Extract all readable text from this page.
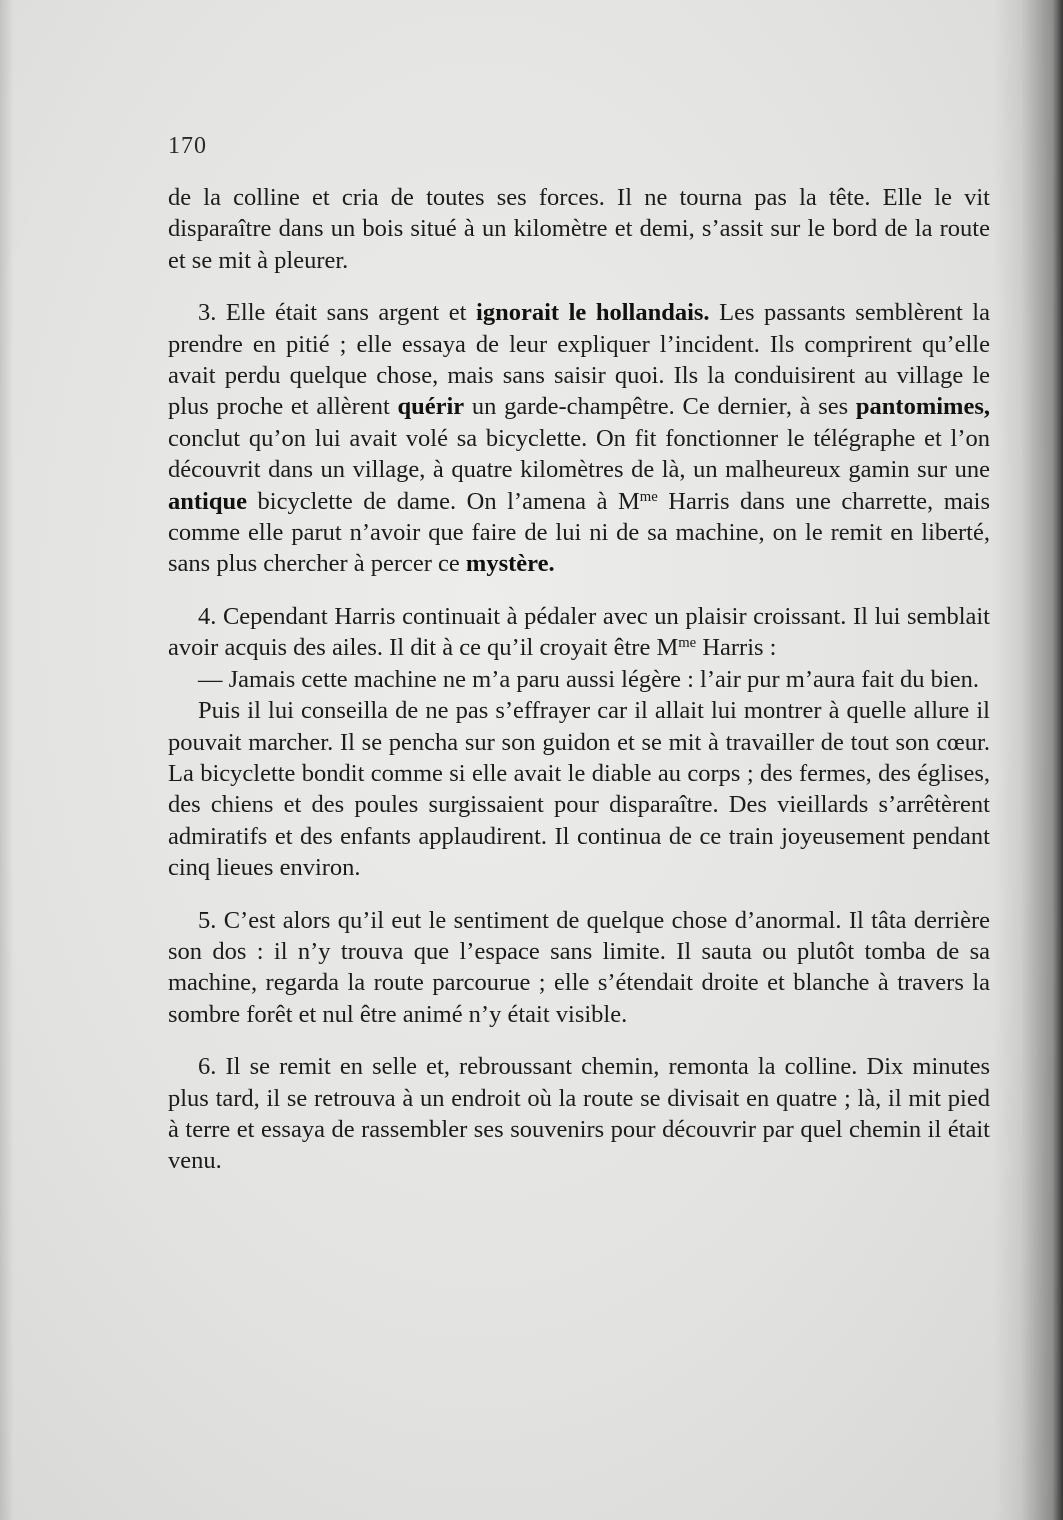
170

de la colline et cria de toutes ses forces. Il ne tourna pas la tête. Elle le vit disparaître dans un bois situé à un kilomètre et demi, s’assit sur le bord de la route et se mit à pleurer.

3. Elle était sans argent et ignorait le hollandais. Les passants semblèrent la prendre en pitié ; elle essaya de leur expliquer l’incident. Ils comprirent qu’elle avait perdu quelque chose, mais sans saisir quoi. Ils la conduisirent au village le plus proche et allèrent quérir un garde-champêtre. Ce dernier, à ses pantomimes, conclut qu’on lui avait volé sa bicyclette. On fit fonctionner le télégraphe et l’on découvrit dans un village, à quatre kilomètres de là, un malheureux gamin sur une antique bicyclette de dame. On l’amena à $M^{me}$ Harris dans une charrette, mais comme elle parut n’avoir que faire de lui ni de sa machine, on le remit en liberté, sans plus chercher à percer ce mystère.

4. Cependant Harris continuait à pédaler avec un plaisir croissant. Il lui semblait avoir acquis des ailes. Il dit à ce qu’il croyait être $M^{me}$ Harris :

— Jamais cette machine ne m’a paru aussi légère : l’air pur m’aura fait du bien.

Puis il lui conseilla de ne pas s’effrayer car il allait lui montrer à quelle allure il pouvait marcher. Il se pencha sur son guidon et se mit à travailler de tout son cœur. La bicyclette bondit comme si elle avait le diable au corps ; des fermes, des églises, des chiens et des poules surgissaient pour disparaître. Des vieillards s’arrêtèrent admiratifs et des enfants applaudirent. Il continua de ce train joyeusement pendant cinq lieues environ.

5. C’est alors qu’il eut le sentiment de quelque chose d’anormal. Il tâta derrière son dos : il n’y trouva que l’espace sans limite. Il sauta ou plutôt tomba de sa machine, regarda la route parcourue ; elle s’étendait droite et blanche à travers la sombre forêt et nul être animé n’y était visible.

6. Il se remit en selle et, rebroussant chemin, remonta la colline. Dix minutes plus tard, il se retrouva à un endroit où la route se divisait en quatre ; là, il mit pied à terre et essaya de rassembler ses souvenirs pour découvrir par quel chemin il était venu.
